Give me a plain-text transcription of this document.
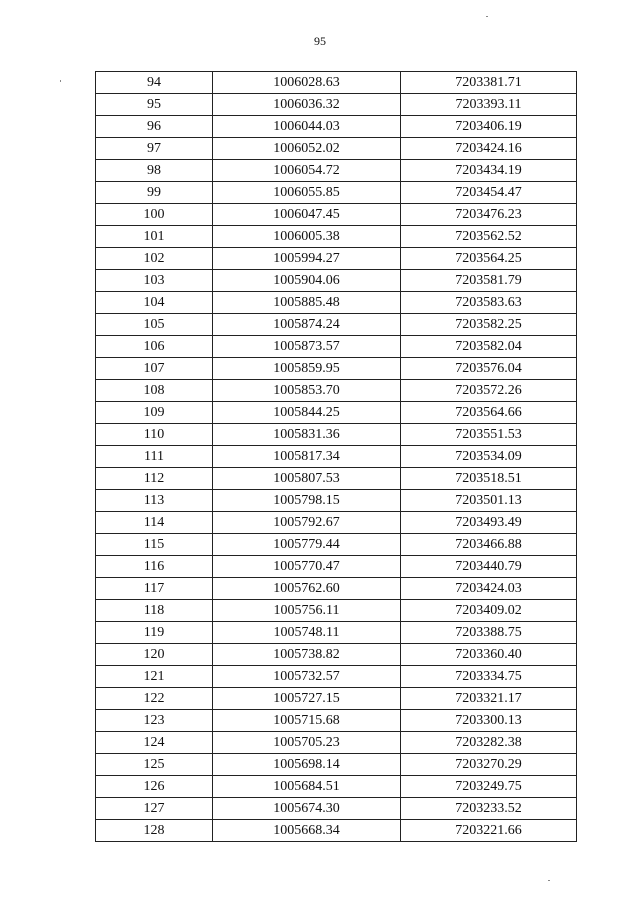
95
94	1006028.63	7203381.71
95	1006036.32	7203393.11
96	1006044.03	7203406.19
97	1006052.02	7203424.16
98	1006054.72	7203434.19
99	1006055.85	7203454.47
100	1006047.45	7203476.23
101	1006005.38	7203562.52
102	1005994.27	7203564.25
103	1005904.06	7203581.79
104	1005885.48	7203583.63
105	1005874.24	7203582.25
106	1005873.57	7203582.04
107	1005859.95	7203576.04
108	1005853.70	7203572.26
109	1005844.25	7203564.66
110	1005831.36	7203551.53
111	1005817.34	7203534.09
112	1005807.53	7203518.51
113	1005798.15	7203501.13
114	1005792.67	7203493.49
115	1005779.44	7203466.88
116	1005770.47	7203440.79
117	1005762.60	7203424.03
118	1005756.11	7203409.02
119	1005748.11	7203388.75
120	1005738.82	7203360.40
121	1005732.57	7203334.75
122	1005727.15	7203321.17
123	1005715.68	7203300.13
124	1005705.23	7203282.38
125	1005698.14	7203270.29
126	1005684.51	7203249.75
127	1005674.30	7203233.52
128	1005668.34	7203221.66
